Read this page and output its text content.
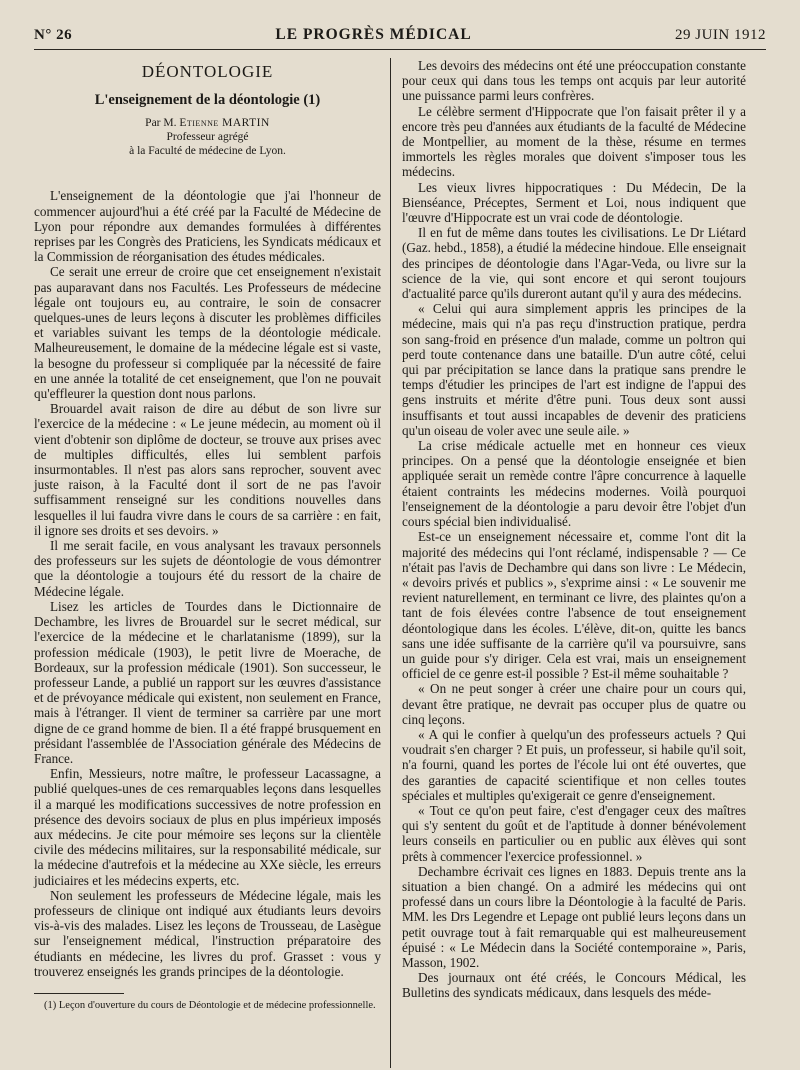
N° 26	LE PROGRÈS MÉDICAL	29 JUIN 1912
DÉONTOLOGIE
L'enseignement de la déontologie (1)
Par M. Etienne MARTIN
Professeur agrégé
à la Faculté de médecine de Lyon.

L'enseignement de la déontologie que j'ai l'honneur de commencer aujourd'hui a été créé par la Faculté de Médecine de Lyon pour répondre aux demandes formulées à différentes reprises par les Congrès des Praticiens, les Syndicats médicaux et la Commission de réorganisation des études médicales.

Ce serait une erreur de croire que cet enseignement n'existait pas auparavant dans nos Facultés. Les Professeurs de médecine légale ont toujours eu, au contraire, le soin de consacrer quelques-unes de leurs leçons à discuter les problèmes difficiles et variables suivant les temps de la déontologie médicale. Malheureusement, le domaine de la médecine légale est si vaste, la besogne du professeur si compliquée par la nécessité de faire en une année la totalité de cet enseignement, que l'on ne pouvait qu'effleurer la question dont nous parlons.

Brouardel avait raison de dire au début de son livre sur l'exercice de la médecine : « Le jeune médecin, au moment où il vient d'obtenir son diplôme de docteur, se trouve aux prises avec de multiples difficultés, elles lui semblent parfois insurmontables. Il n'est pas alors sans reprocher, souvent avec juste raison, à la Faculté dont il sort de ne pas l'avoir suffisamment renseigné sur les conditions nouvelles dans lesquelles il lui faudra vivre dans le cours de sa carrière : en fait, il ignore ses droits et ses devoirs. »

Il me serait facile, en vous analysant les travaux personnels des professeurs sur les sujets de déontologie de vous démontrer que la déontologie a toujours été du ressort de la chaire de Médecine légale.

Lisez les articles de Tourdes dans le Dictionnaire de Dechambre, les livres de Brouardel sur le secret médical, sur l'exercice de la médecine et le charlatanisme (1899), sur la profession médicale (1903), le petit livre de Moerache, de Bordeaux, sur la profession médicale (1901). Son successeur, le professeur Lande, a publié un rapport sur les œuvres d'assistance et de prévoyance médicale qui existent, non seulement en France, mais à l'étranger. Il vient de terminer sa carrière par une mort digne de ce grand homme de bien. Il a été frappé brusquement en présidant l'assemblée de l'Association générale des Médecins de France.

Enfin, Messieurs, notre maître, le professeur Lacassagne, a publié quelques-unes de ces remarquables leçons dans lesquelles il a marqué les modifications successives de notre profession en présence des devoirs sociaux de plus en plus impérieux imposés aux médecins. Je cite pour mémoire ses leçons sur la clientèle civile des médecins militaires, sur la responsabilité médicale, sur la médecine d'autrefois et la médecine au XXe siècle, les erreurs judiciaires et les médecins experts, etc.

Non seulement les professeurs de Médecine légale, mais les professeurs de clinique ont indiqué aux étudiants leurs devoirs vis-à-vis des malades. Lisez les leçons de Trousseau, de Lasègue sur l'enseignement médical, l'instruction préparatoire des étudiants en médecine, les livres du prof. Grasset : vous y trouverez enseignés les grands principes de la déontologie.

(1) Leçon d'ouverture du cours de Déontologie et de médecine professionnelle.

Les devoirs des médecins ont été une préoccupation constante pour ceux qui dans tous les temps ont acquis par leur autorité une puissance parmi leurs confrères.

Le célèbre serment d'Hippocrate que l'on faisait prêter il y a encore très peu d'années aux étudiants de la faculté de Médecine de Montpellier, au moment de la thèse, résume en termes immortels les règles morales que doivent s'imposer tous les médecins.

Les vieux livres hippocratiques : Du Médecin, De la Bienséance, Préceptes, Serment et Loi, nous indiquent que l'œuvre d'Hippocrate est un vrai code de déontologie.

Il en fut de même dans toutes les civilisations. Le Dr Liétard (Gaz. hebd., 1858), a étudié la médecine hindoue. Elle enseignait des principes de déontologie dans l'Agar-Veda, ou livre sur la science de la vie, qui sont encore et qui seront toujours d'actualité parce qu'ils dureront autant qu'il y aura des médecins.

« Celui qui aura simplement appris les principes de la médecine, mais qui n'a pas reçu d'instruction pratique, perdra son sang-froid en présence d'un malade, comme un poltron qui perd toute contenance dans une bataille. D'un autre côté, celui qui par précipitation se lance dans la pratique sans prendre le temps d'étudier les principes de l'art est indigne de l'appui des gens instruits et mérite d'être puni. Tous deux sont aussi insuffisants et tout aussi incapables de devenir des praticiens qu'un oiseau de voler avec une seule aile. »

La crise médicale actuelle met en honneur ces vieux principes. On a pensé que la déontologie enseignée et bien appliquée serait un remède contre l'âpre concurrence à laquelle étaient contraints les médecins modernes. Voilà pourquoi l'enseignement de la déontologie a paru devoir être l'objet d'un cours spécial bien individualisé.

Est-ce un enseignement nécessaire et, comme l'ont dit la majorité des médecins qui l'ont réclamé, indispensable ? — Ce n'était pas l'avis de Dechambre qui dans son livre : Le Médecin, « devoirs privés et publics », s'exprime ainsi : « Le souvenir me revient naturellement, en terminant ce livre, des plaintes qu'on a tant de fois élevées contre l'absence de tout enseignement déontologique dans les écoles. L'élève, dit-on, quitte les bancs sans une idée suffisante de la carrière qu'il va poursuivre, sans un guide pour s'y diriger. Cela est vrai, mais un enseignement officiel de ce genre est-il possible ? Est-il même souhaitable ?

« On ne peut songer à créer une chaire pour un cours qui, devant être pratique, ne devrait pas occuper plus de quatre ou cinq leçons.

« A qui le confier à quelqu'un des professeurs actuels ? Qui voudrait s'en charger ? Et puis, un professeur, si habile qu'il soit, n'a fourni, quand les portes de l'école lui ont été ouvertes, que des garanties de capacité scientifique et non celles toutes spéciales et multiples qu'exigerait ce genre d'enseignement.

« Tout ce qu'on peut faire, c'est d'engager ceux des maîtres qui s'y sentent du goût et de l'aptitude à donner bénévolement leurs conseils en particulier ou en public aux élèves qui sont prêts à commencer l'exercice professionnel. »

Dechambre écrivait ces lignes en 1883. Depuis trente ans la situation a bien changé. On a admiré les médecins qui ont professé dans un cours libre la Déontologie à la faculté de Paris. MM. les Drs Legendre et Lepage ont publié leurs leçons dans un petit ouvrage tout à fait remarquable qui est malheureusement épuisé : « Le Médecin dans la Société contemporaine », Paris, Masson, 1902.

Des journaux ont été créés, le Concours Médical, les Bulletins des syndicats médicaux, dans lesquels des méde-
